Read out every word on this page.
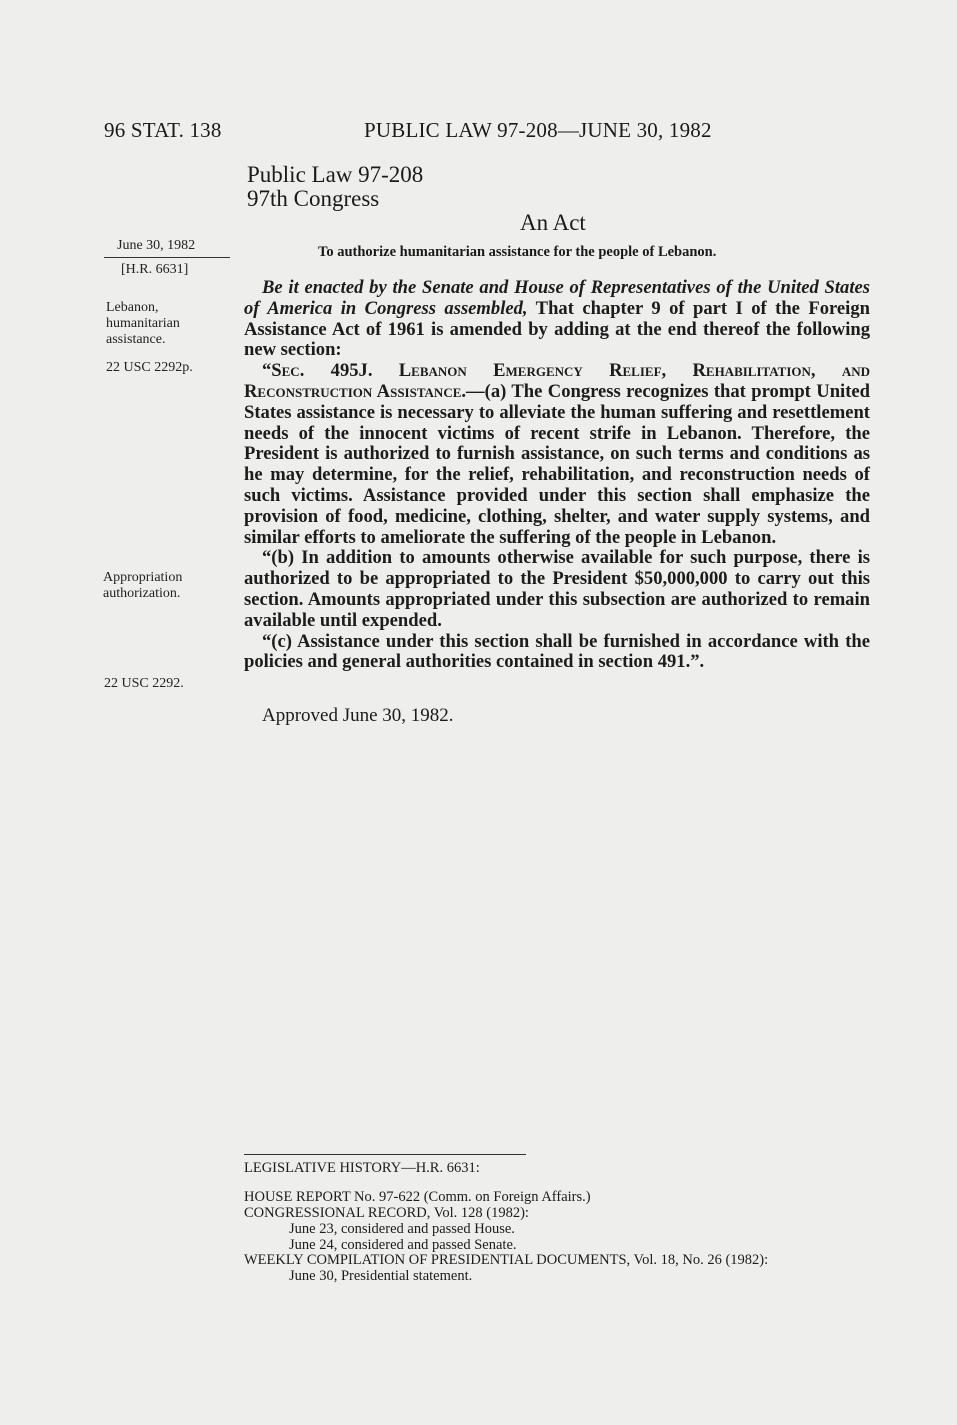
96 STAT. 138	PUBLIC LAW 97-208—JUNE 30, 1982
Public Law 97-208
97th Congress
An Act
June 30, 1982
[H.R. 6631]
Lebanon,
humanitarian
assistance.
22 USC 2292p.
Appropriation
authorization.
22 USC 2292.
To authorize humanitarian assistance for the people of Lebanon.

Be it enacted by the Senate and House of Representatives of the United States of America in Congress assembled, That chapter 9 of part I of the Foreign Assistance Act of 1961 is amended by adding at the end thereof the following new section:

“Sec. 495J. Lebanon Emergency Relief, Rehabilitation, and Reconstruction Assistance.—(a) The Congress recognizes that prompt United States assistance is necessary to alleviate the human suffering and resettlement needs of the innocent victims of recent strife in Lebanon. Therefore, the President is authorized to furnish assistance, on such terms and conditions as he may determine, for the relief, rehabilitation, and reconstruction needs of such victims. Assistance provided under this section shall emphasize the provision of food, medicine, clothing, shelter, and water supply systems, and similar efforts to ameliorate the suffering of the people in Lebanon.

“(b) In addition to amounts otherwise available for such purpose, there is authorized to be appropriated to the President $50,000,000 to carry out this section. Amounts appropriated under this subsection are authorized to remain available until expended.

“(c) Assistance under this section shall be furnished in accordance with the policies and general authorities contained in section 491.”.

Approved June 30, 1982.
LEGISLATIVE HISTORY—H.R. 6631:
HOUSE REPORT No. 97-622 (Comm. on Foreign Affairs.)
CONGRESSIONAL RECORD, Vol. 128 (1982):
June 23, considered and passed House.
June 24, considered and passed Senate.
WEEKLY COMPILATION OF PRESIDENTIAL DOCUMENTS, Vol. 18, No. 26 (1982):
June 30, Presidential statement.
